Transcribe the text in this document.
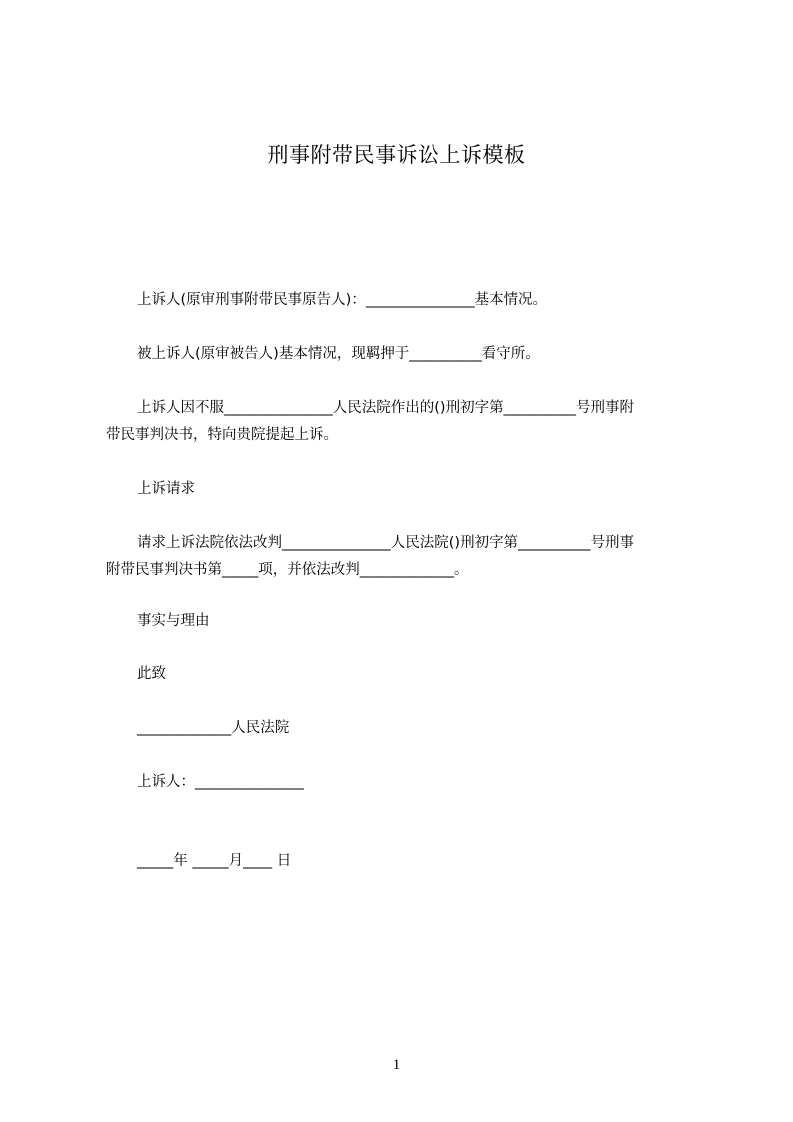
刑事附带民事诉讼上诉模板
上诉人(原审刑事附带民事原告人)：_______________基本情况。
被上诉人(原审被告人)基本情况，现羁押于__________看守所。
上诉人因不服_______________人民法院作出的()刑初字第__________号刑事附
带民事判决书，特向贵院提起上诉。
上诉请求
请求上诉法院依法改判_______________人民法院()刑初字第__________号刑事
附带民事判决书第_____项，并依法改判_____________。
事实与理由
此致
_____________人民法院
上诉人：_______________
_____年 _____月____ 日
1
